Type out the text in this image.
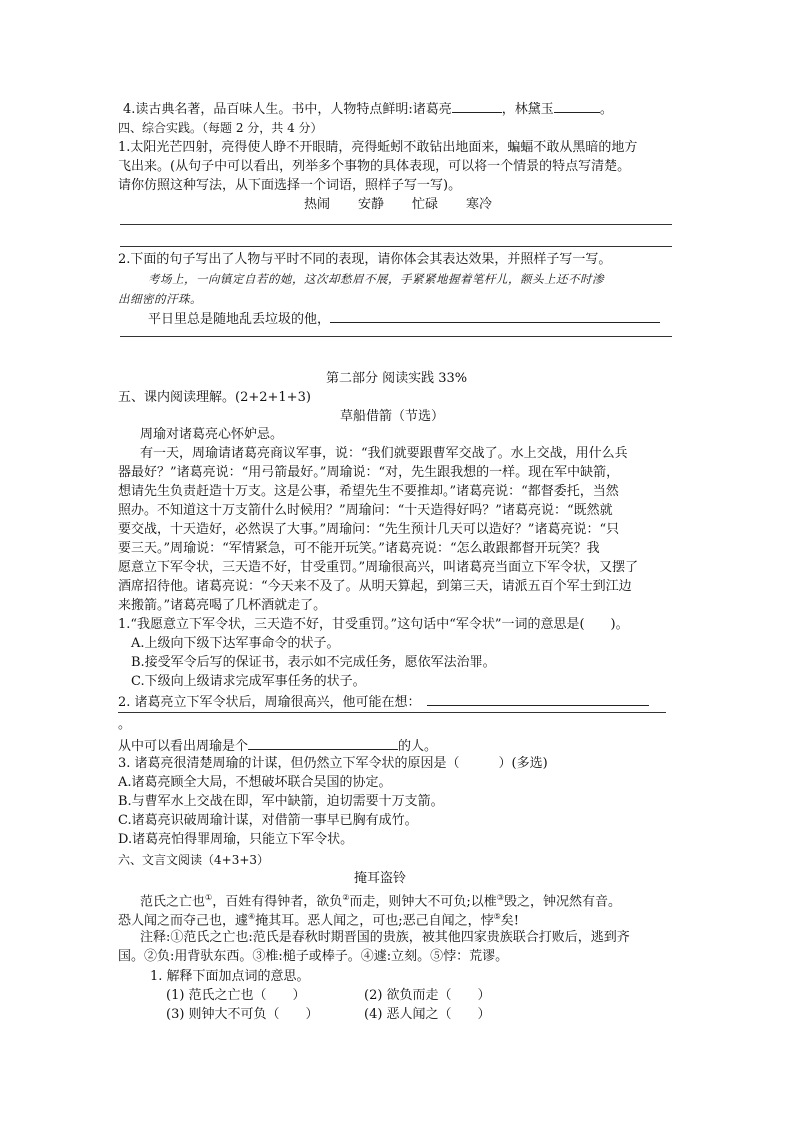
4.读古典名著，品百味人生。书中，人物特点鲜明:诸葛亮	，林黛玉	。
四、综合实践。（每题 2 分，共 4 分）
1.太阳光芒四射，亮得使人睁不开眼睛，亮得蚯蚓不敢钻出地面来，蝙蝠不敢从黑暗的地方
飞出来。(从句子中可以看出，列举多个事物的具体表现，可以将一个情景的特点写清楚。
请你仿照这种写法，从下面选择一个词语，照样子写一写)。
热闹 安静 忙碌 寒冷
2.下面的句子写出了人物与平时不同的表现，请你体会其表达效果，并照样子写一写。
考场上，一向镇定自若的她，这次却愁眉不展，手紧紧地握着笔杆儿，额头上还不时渗
出细密的汗珠。
平日里总是随地乱丢垃圾的他，
第二部分 阅读实践 33%
五、课内阅读理解。(2+2+1+3)
草船借箭（节选）
周瑜对诸葛亮心怀妒忌。
有一天，周瑜请诸葛亮商议军事，说：“我们就要跟曹军交战了。水上交战，用什么兵
器最好？”诸葛亮说：“用弓箭最好。”周瑜说：“对，先生跟我想的一样。现在军中缺箭，
想请先生负责赶造十万支。这是公事，希望先生不要推却。”诸葛亮说：“都督委托，当然
照办。不知道这十万支箭什么时候用？”周瑜问：“十天造得好吗？”诸葛亮说：“既然就
要交战，十天造好，必然误了大事。”周瑜问：“先生预计几天可以造好？”诸葛亮说：“只
要三天。”周瑜说：“军情紧急，可不能开玩笑。”诸葛亮说：“怎么敢跟都督开玩笑？我
愿意立下军令状，三天造不好，甘受重罚。”周瑜很高兴，叫诸葛亮当面立下军令状，又摆了
酒席招待他。诸葛亮说：“今天来不及了。从明天算起，到第三天，请派五百个军士到江边
来搬箭。”诸葛亮喝了几杯酒就走了。
1.“我愿意立下军令状，三天造不好，甘受重罚。”这句话中“军令状”一词的意思是(　　)。
A.上级向下级下达军事命令的状子。
B.接受军令后写的保证书，表示如不完成任务，愿依军法治罪。
C.下级向上级请求完成军事任务的状子。
2. 诸葛亮立下军令状后，周瑜很高兴，他可能在想：
。
从中可以看出周瑜是个	的人。
3. 诸葛亮很清楚周瑜的计谋，但仍然立下军令状的原因是（　　　）(多选)
A.诸葛亮顾全大局，不想破坏联合吴国的协定。
B.与曹军水上交战在即，军中缺箭，迫切需要十万支箭。
C.诸葛亮识破周瑜计谋，对借箭一事早已胸有成竹。
D.诸葛亮怕得罪周瑜，只能立下军令状。
六、文言文阅读（4+3+3）
掩耳盗铃
范氏之亡也①，百姓有得钟者，欲负②而走，则钟大不可负;以椎③毁之，钟况然有音。
恐人闻之而夺己也，遽④掩其耳。恶人闻之，可也;恶己自闻之，悖⑤矣!
注释:①范氏之亡也:范氏是春秋时期晋国的贵族，被其他四家贵族联合打败后，逃到齐
国。②负:用背驮东西。③椎:槌子或棒子。④遽:立刻。⑤悖：荒谬。
1. 解释下面加点词的意思。
(1) 范氏之亡也（　　）	(2) 欲负而走（　　）
(3) 则钟大不可负（　　）	(4) 恶人闻之（　　）
